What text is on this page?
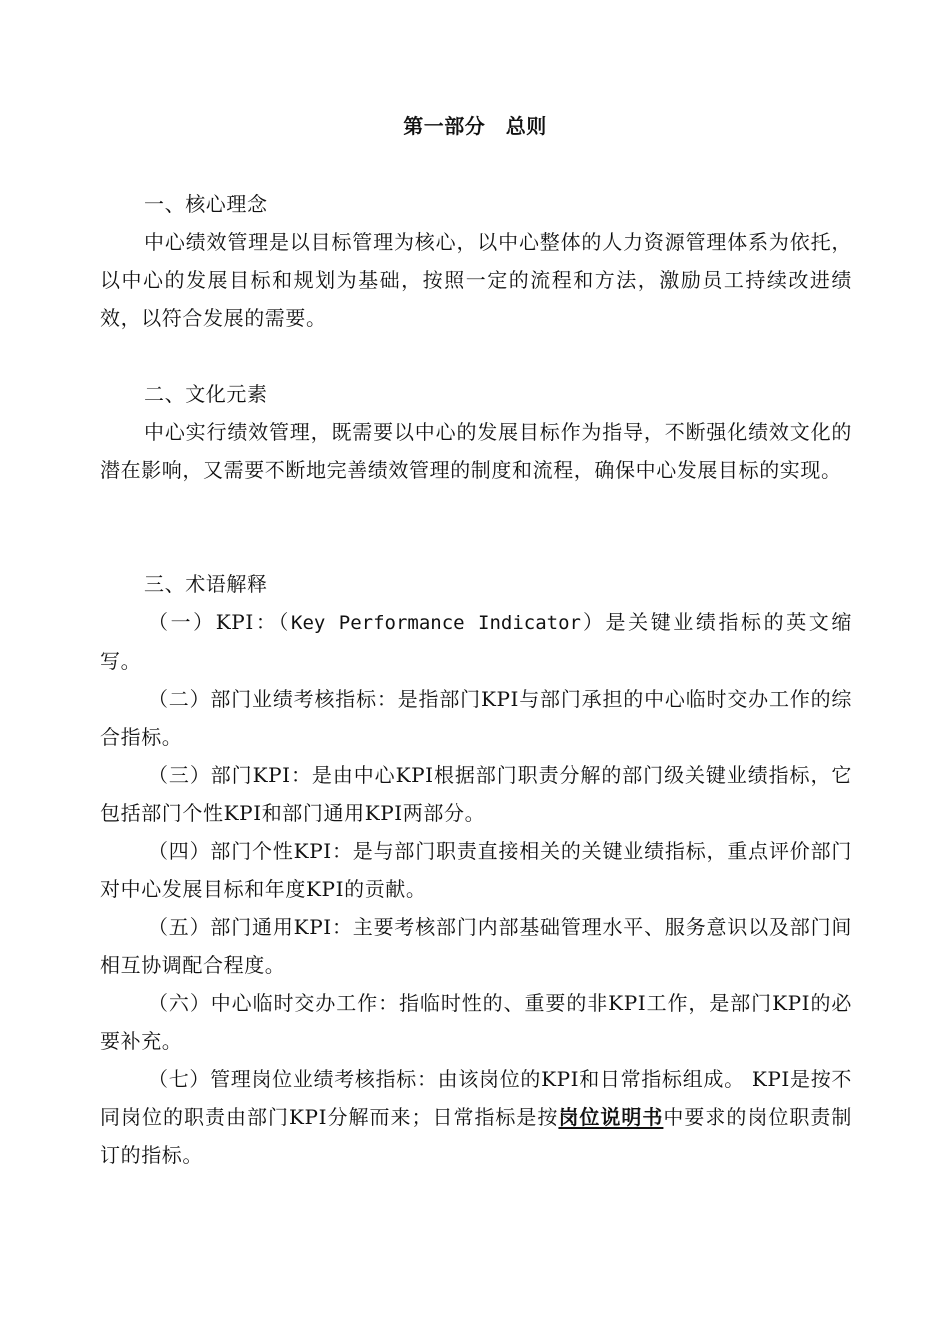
第一部分　总则
一、核心理念

中心绩效管理是以目标管理为核心，以中心整体的人力资源管理体系为依托，以中心的发展目标和规划为基础，按照一定的流程和方法，激励员工持续改进绩效，以符合发展的需要。

二、文化元素

中心实行绩效管理，既需要以中心的发展目标作为指导，不断强化绩效文化的潜在影响，又需要不断地完善绩效管理的制度和流程，确保中心发展目标的实现。

三、术语解释

（一）KPI：（Key Performance Indicator）是关键业绩指标的英文缩写。

（二）部门业绩考核指标：是指部门KPI与部门承担的中心临时交办工作的综合指标。

（三）部门KPI：是由中心KPI根据部门职责分解的部门级关键业绩指标，它包括部门个性KPI和部门通用KPI两部分。

（四）部门个性KPI：是与部门职责直接相关的关键业绩指标，重点评价部门对中心发展目标和年度KPI的贡献。

（五）部门通用KPI：主要考核部门内部基础管理水平、服务意识以及部门间相互协调配合程度。

（六）中心临时交办工作：指临时性的、重要的非KPI工作，是部门KPI的必要补充。

（七）管理岗位业绩考核指标：由该岗位的KPI和日常指标组成。 KPI是按不同岗位的职责由部门KPI分解而来；日常指标是按岗位说明书中要求的岗位职责制订的指标。
